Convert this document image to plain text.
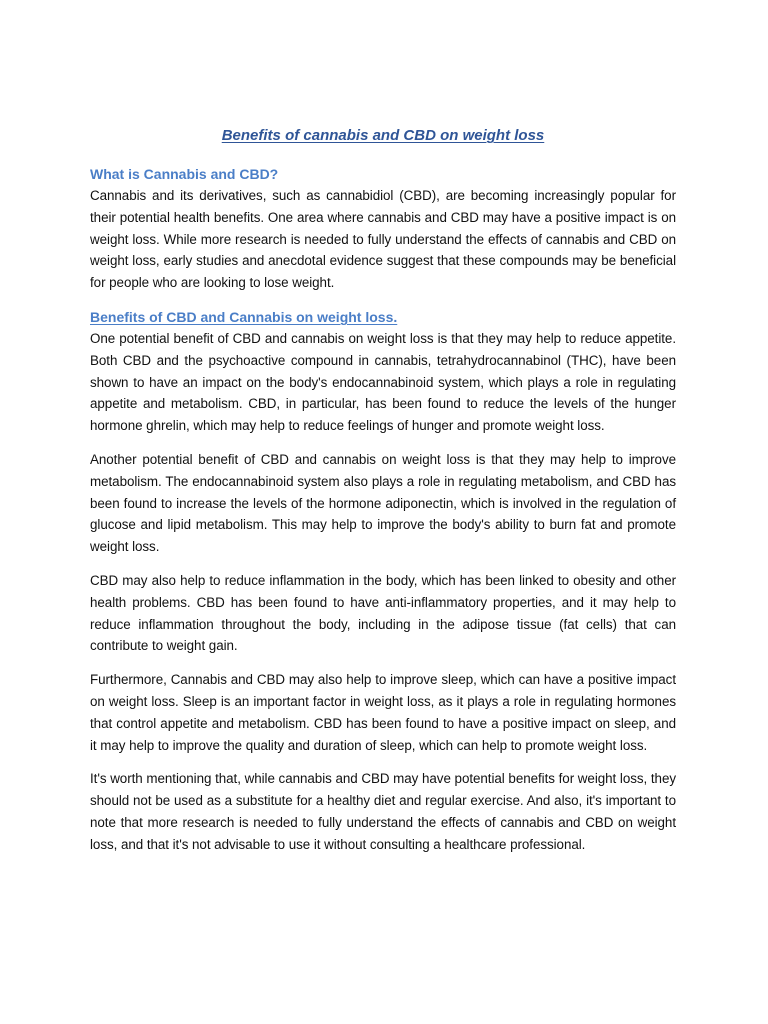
Benefits of cannabis and CBD on weight loss
What is Cannabis and CBD?

Cannabis and its derivatives, such as cannabidiol (CBD), are becoming increasingly popular for their potential health benefits. One area where cannabis and CBD may have a positive impact is on weight loss. While more research is needed to fully understand the effects of cannabis and CBD on weight loss, early studies and anecdotal evidence suggest that these compounds may be beneficial for people who are looking to lose weight.

Benefits of CBD and Cannabis on weight loss.

One potential benefit of CBD and cannabis on weight loss is that they may help to reduce appetite. Both CBD and the psychoactive compound in cannabis, tetrahydrocannabinol (THC), have been shown to have an impact on the body's endocannabinoid system, which plays a role in regulating appetite and metabolism. CBD, in particular, has been found to reduce the levels of the hunger hormone ghrelin, which may help to reduce feelings of hunger and promote weight loss.

Another potential benefit of CBD and cannabis on weight loss is that they may help to improve metabolism. The endocannabinoid system also plays a role in regulating metabolism, and CBD has been found to increase the levels of the hormone adiponectin, which is involved in the regulation of glucose and lipid metabolism. This may help to improve the body's ability to burn fat and promote weight loss.

CBD may also help to reduce inflammation in the body, which has been linked to obesity and other health problems. CBD has been found to have anti-inflammatory properties, and it may help to reduce inflammation throughout the body, including in the adipose tissue (fat cells) that can contribute to weight gain.

Furthermore, Cannabis and CBD may also help to improve sleep, which can have a positive impact on weight loss. Sleep is an important factor in weight loss, as it plays a role in regulating hormones that control appetite and metabolism. CBD has been found to have a positive impact on sleep, and it may help to improve the quality and duration of sleep, which can help to promote weight loss.

It's worth mentioning that, while cannabis and CBD may have potential benefits for weight loss, they should not be used as a substitute for a healthy diet and regular exercise. And also, it's important to note that more research is needed to fully understand the effects of cannabis and CBD on weight loss, and that it's not advisable to use it without consulting a healthcare professional.
